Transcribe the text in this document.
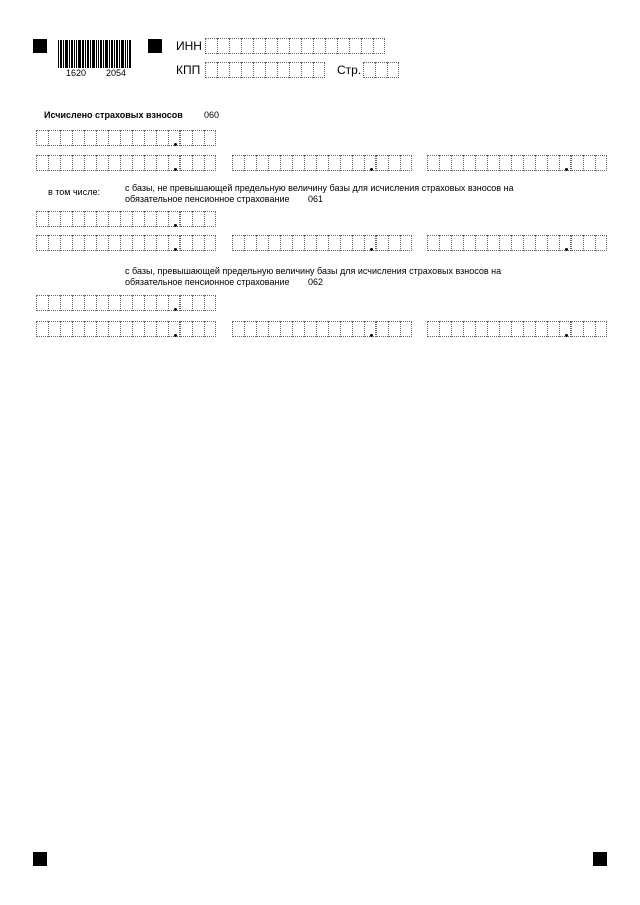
1620 2054
ИНН
КПП	Стр.
Исчислено страховых взносов 060
в том числе:	с базы, не превышающей предельную величину базы для исчисления страховых взносов на
обязательное пенсионное страхование 061
с базы, превышающей предельную величину базы для исчисления страховых взносов на
обязательное пенсионное страхование 062
